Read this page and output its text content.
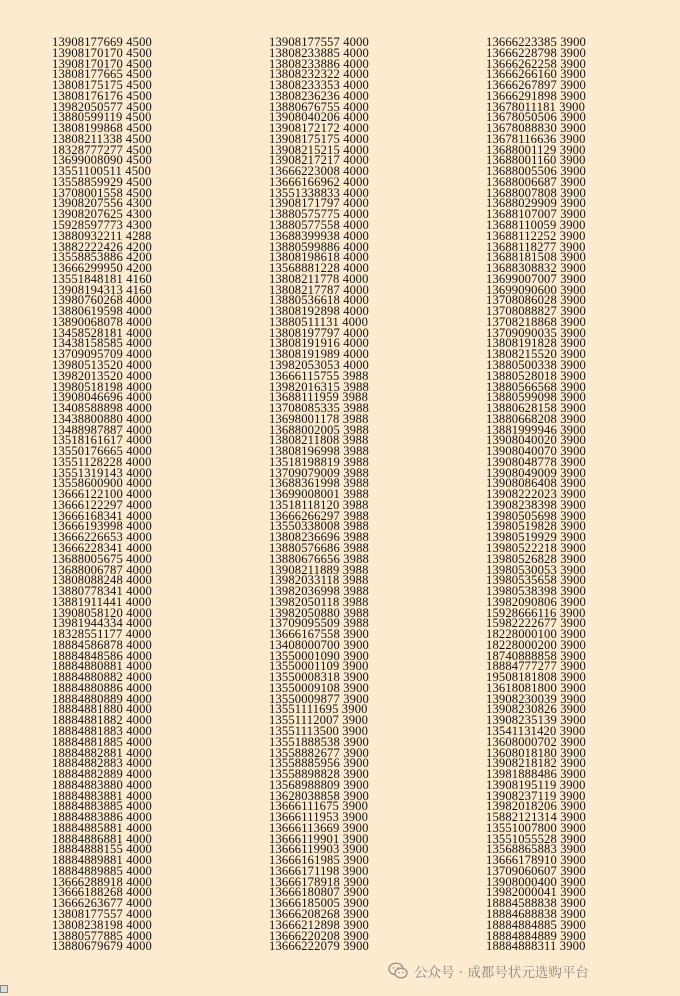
13908177669 4500
13908170170 4500
13908170170 4500
13808177665 4500
13808175175 4500
13808176176 4500
13982050577 4500
13880599119 4500
13808199868 4500
13808211338 4500
18328777277 4500
13699008090 4500
13551100511 4500
13558859929 4500
13708001558 4500
13908207556 4300
13908207625 4300
15928597773 4300
13880932211 4288
13882222426 4200
13558853886 4200
13666299950 4200
13551848181 4160
13908194313 4160
13980760268 4000
13880619598 4000
13890068078 4000
13458528181 4000
13438158585 4000
13709095709 4000
13980513520 4000
13982013520 4000
13980518198 4000
13908046696 4000
13408588898 4000
13438800880 4000
13488987887 4000
13518161617 4000
13550176665 4000
13551128228 4000
13551319143 4000
13558600900 4000
13666122100 4000
13666122297 4000
13666168341 4000
13666193998 4000
13666226653 4000
13666228341 4000
13688005675 4000
13688006787 4000
13808088248 4000
13880778341 4000
13881911441 4000
13908058120 4000
13981944334 4000
18328551177 4000
18884586878 4000
18884848586 4000
18884880881 4000
18884880882 4000
18884880886 4000
18884880889 4000
18884881880 4000
18884881882 4000
18884881883 4000
18884881885 4000
18884882881 4000
18884882883 4000
18884882889 4000
18884883880 4000
18884883881 4000
18884883885 4000
18884883886 4000
18884885881 4000
18884886881 4000
18884888155 4000
18884889881 4000
18884889885 4000
13666288918 4000
13666188268 4000
13666263677 4000
13808177557 4000
13808238198 4000
13880577885 4000
13880679679 4000
13908177557 4000
13808233885 4000
13808233886 4000
13808232322 4000
13808233353 4000
13808236236 4000
13880676755 4000
13908040206 4000
13908172172 4000
13908175175 4000
13908215215 4000
13908217217 4000
13666223008 4000
13666166962 4000
13551338833 4000
13908171797 4000
13880575775 4000
13880577558 4000
13688399938 4000
13880599886 4000
13808198618 4000
13568881228 4000
13808211778 4000
13808217787 4000
13880536618 4000
13808192898 4000
13880511131 4000
13808197797 4000
13808191916 4000
13808191989 4000
13982053053 4000
13666115755 3988
13982016315 3988
13688111959 3988
13708085335 3988
13698001178 3988
13688002005 3988
13808211808 3988
13808196998 3988
13518198819 3988
13709079009 3988
13688361998 3988
13699008001 3988
13518118120 3988
13666266297 3988
13550338008 3988
13808236696 3988
13880576686 3988
13880676656 3988
13908211889 3988
13982033118 3988
13982036998 3988
13982050118 3988
13982050880 3988
13709095509 3988
13666167558 3900
13408000700 3900
13550001090 3900
13550001109 3900
13550008318 3900
13550009108 3900
13550009877 3900
13551111695 3900
13551112007 3900
13551113500 3900
13551888538 3900
13558882677 3900
13558885956 3900
13558898828 3900
13568988809 3900
13628038858 3900
13666111675 3900
13666111953 3900
13666113669 3900
13666119901 3900
13666119903 3900
13666161985 3900
13666171198 3900
13666178918 3900
13666180807 3900
13666185005 3900
13666208268 3900
13666212898 3900
13666220208 3900
13666222079 3900
13666223385 3900
13666228798 3900
13666262258 3900
13666266160 3900
13666267897 3900
13666291898 3900
13678011181 3900
13678050506 3900
13678088830 3900
13678116636 3900
13688001129 3900
13688001160 3900
13688005506 3900
13688006687 3900
13688007808 3900
13688029909 3900
13688107007 3900
13688110059 3900
13688112252 3900
13688118277 3900
13688181508 3900
13688308832 3900
13699007007 3900
13699090600 3900
13708086028 3900
13708088827 3900
13708218868 3900
13709090035 3900
13808191828 3900
13808215520 3900
13880500338 3900
13880528018 3900
13880566568 3900
13880599098 3900
13880628158 3900
13880668208 3900
13881999946 3900
13908040020 3900
13908040070 3900
13908048778 3900
13908049009 3900
13908086408 3900
13908222023 3900
13908238398 3900
13980505698 3900
13980519828 3900
13980519929 3900
13980522218 3900
13980526828 3900
13980530053 3900
13980535658 3900
13980538398 3900
13982090806 3900
15928666116 3900
15982222677 3900
18228000100 3900
18228000200 3900
18740888858 3900
18884777277 3900
19508181808 3900
13618081800 3900
13908230039 3900
13908230826 3900
13908235139 3900
13541131420 3900
13608000702 3900
13608018180 3900
13908218182 3900
13981888486 3900
13908195119 3900
13908237119 3900
13982018206 3900
15882121314 3900
13551007800 3900
13551055528 3900
13568865883 3900
13666178910 3900
13709060607 3900
13908000400 3900
13982000041 3900
18884588838 3900
18884688838 3900
18884884885 3900
18884884889 3900
18884888311 3900
公众号 · 成都号状元选购平台
